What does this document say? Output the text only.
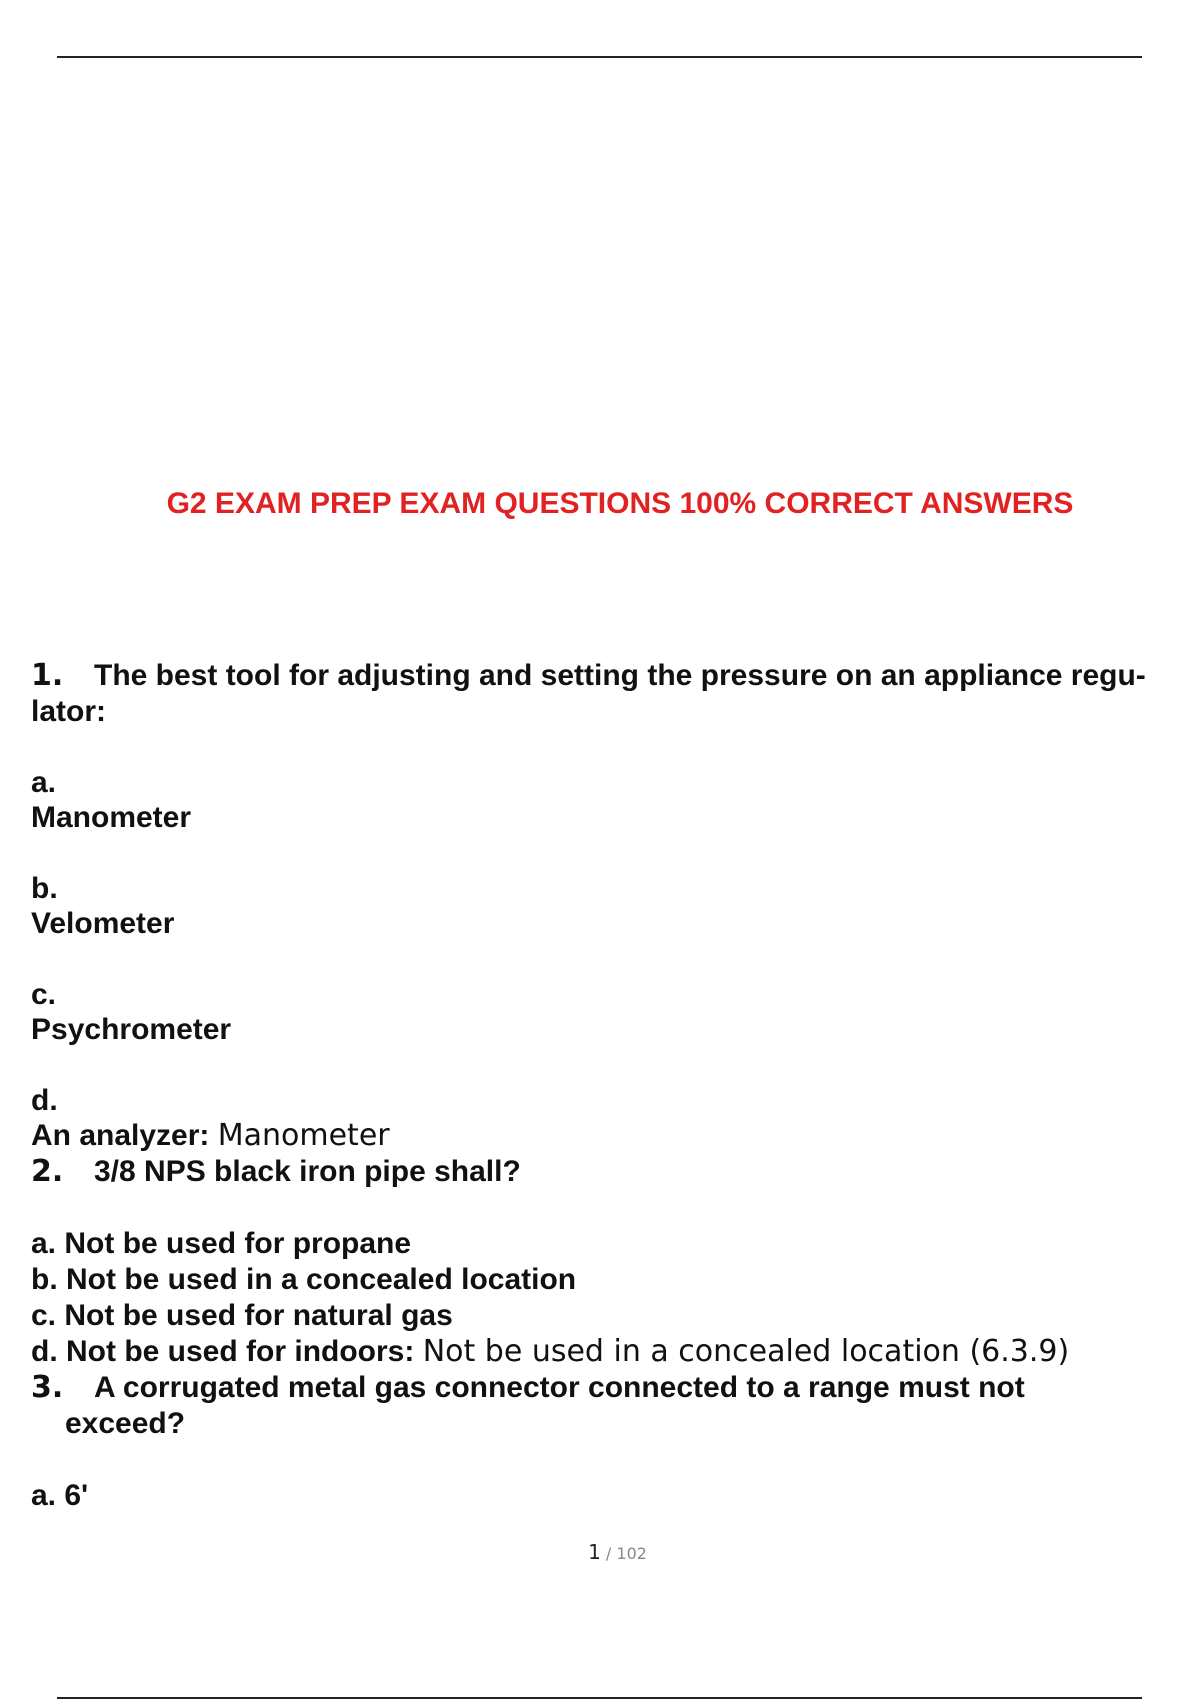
G2 EXAM PREP EXAM QUESTIONS 100% CORRECT ANSWERS
1. The best tool for adjusting and setting the pressure on an appliance regu- lator:
a.
Manometer
b.
Velometer
c.
Psychrometer
d.
An analyzer: Manometer
2. 3/8 NPS black iron pipe shall?
a. Not be used for propane
b. Not be used in a concealed location
c. Not be used for natural gas
d. Not be used for indoors: Not be used in a concealed location (6.3.9)
3. A corrugated metal gas connector connected to a range must not
exceed?
a. 6'
1 / 102
